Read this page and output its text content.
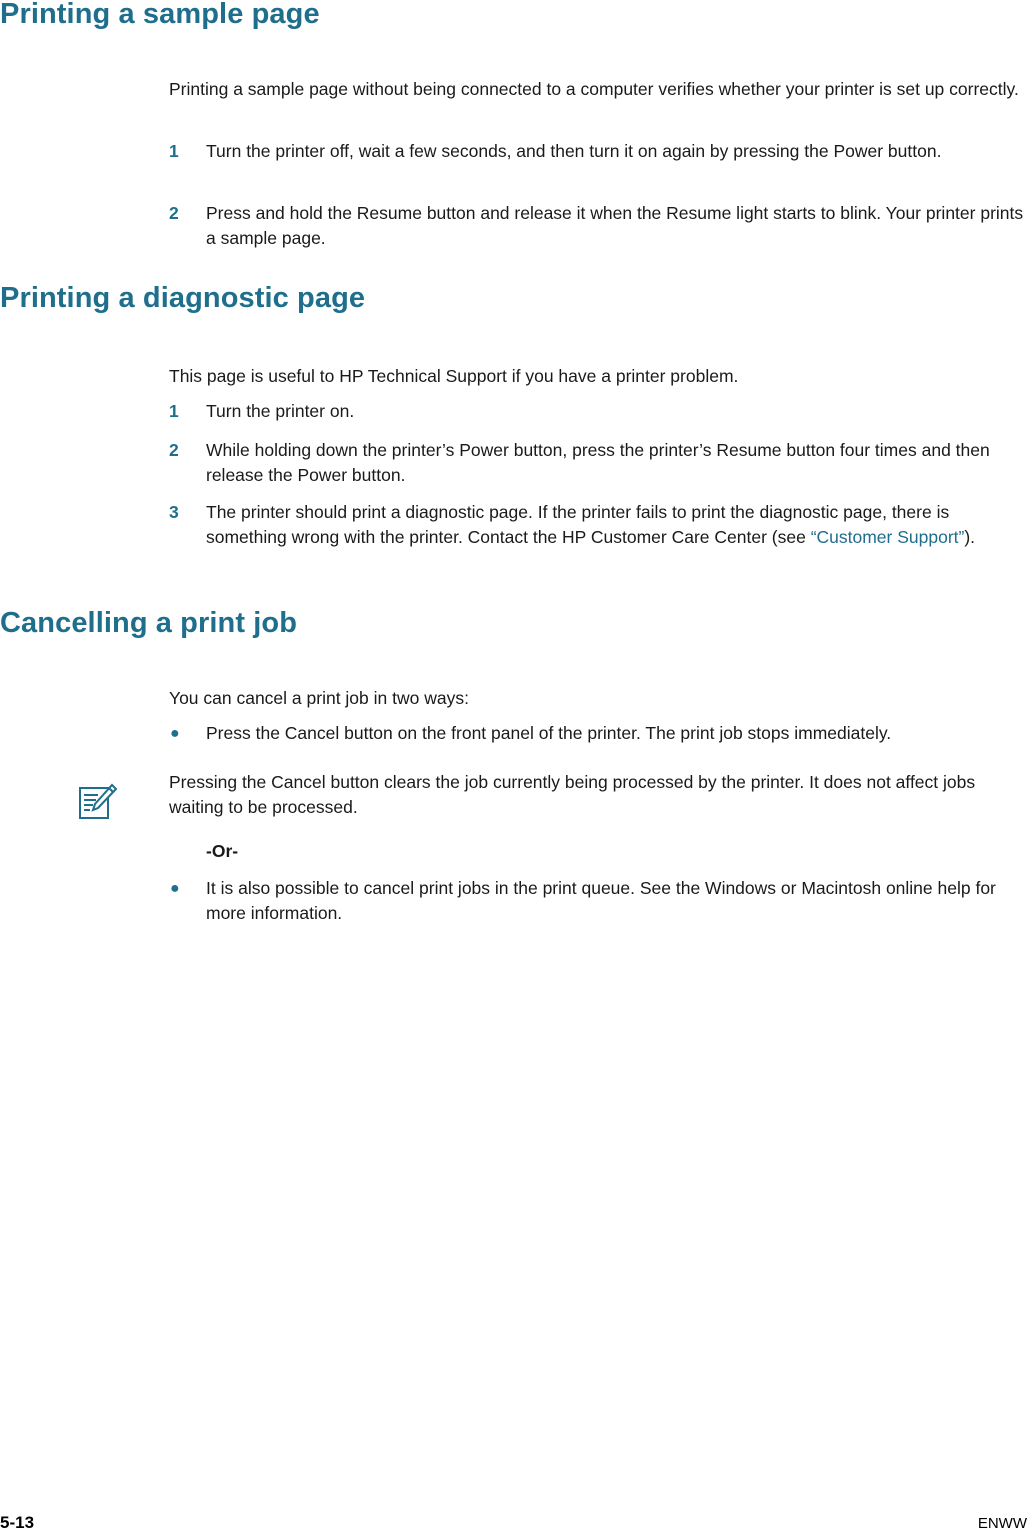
Printing a sample page

Printing a sample page without being connected to a computer verifies whether your printer is set up correctly.

1 Turn the printer off, wait a few seconds, and then turn it on again by pressing the Power button.
2 Press and hold the Resume button and release it when the Resume light starts to blink. Your printer prints a sample page.
Printing a diagnostic page

This page is useful to HP Technical Support if you have a printer problem.

1 Turn the printer on.
2 While holding down the printer’s Power button, press the printer’s Resume button four times and then release the Power button.
3 The printer should print a diagnostic page. If the printer fails to print the diagnostic page, there is something wrong with the printer. Contact the HP Customer Care Center (see “Customer Support”).
Cancelling a print job

You can cancel a print job in two ways:

● Press the Cancel button on the front panel of the printer. The print job stops immediately.

Pressing the Cancel button clears the job currently being processed by the printer. It does not affect jobs waiting to be processed.

-Or-
● It is also possible to cancel print jobs in the print queue. See the Windows or Macintosh online help for more information.
5-13	ENWW
